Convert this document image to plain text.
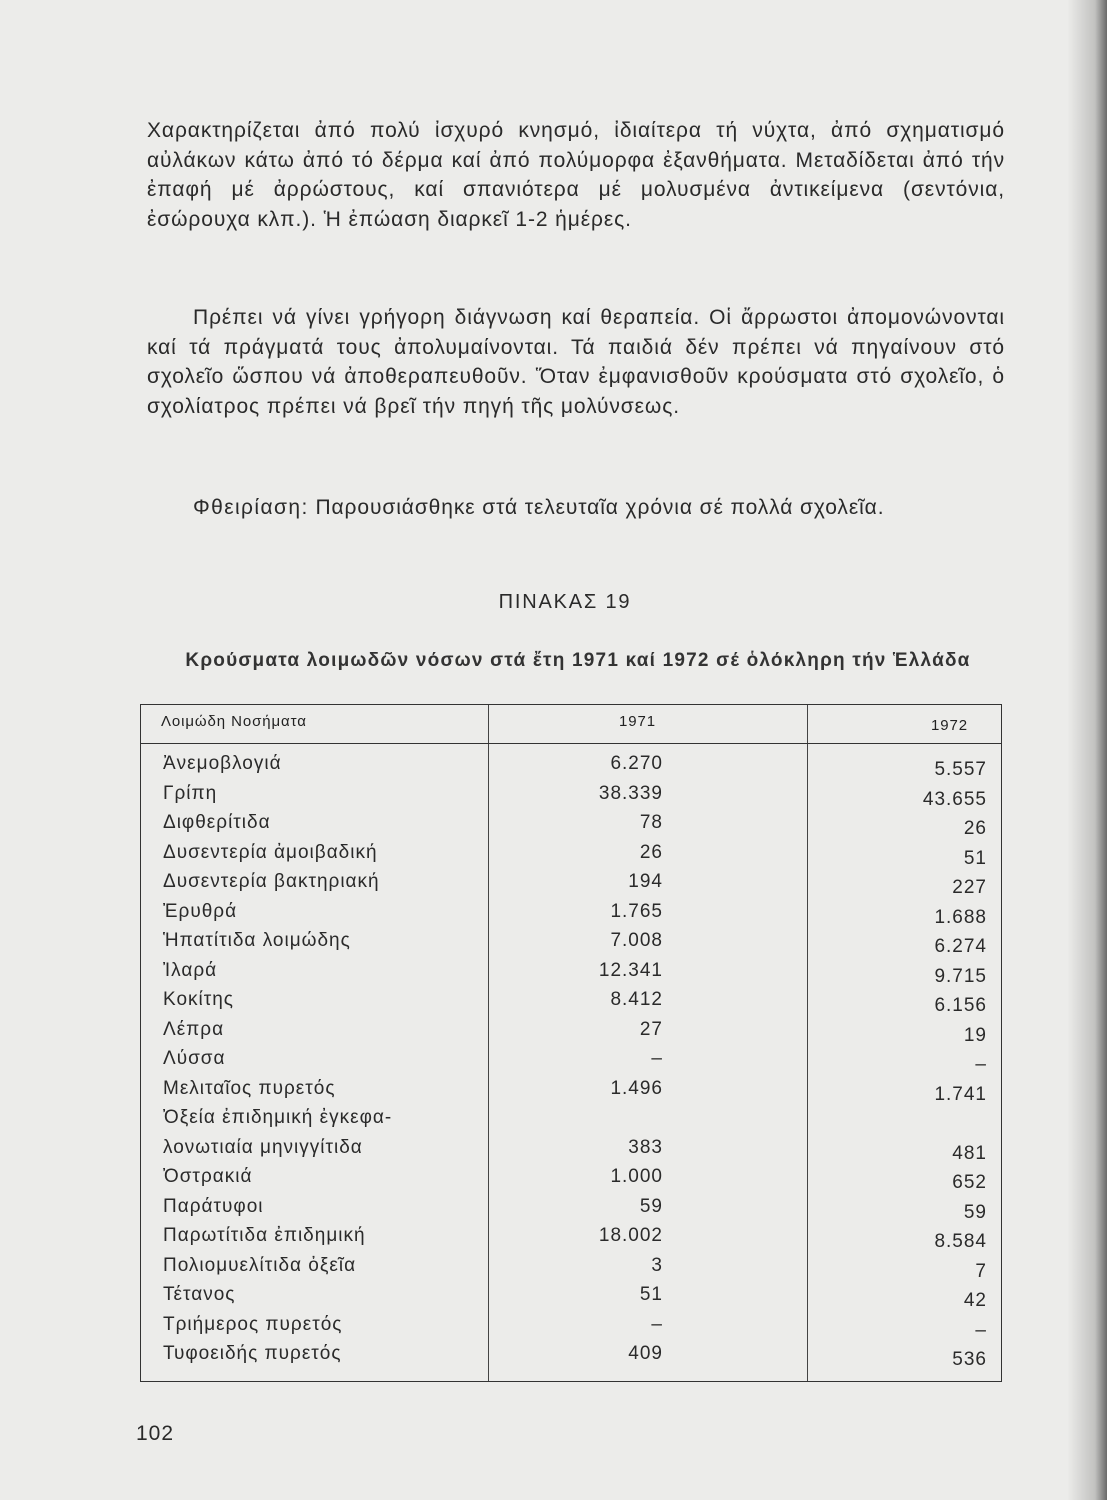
Χαρακτηρίζεται ἀπό πολύ ἰσχυρό κνησμό, ἰδιαίτερα τή νύχτα, ἀπό σχηματισμό αὐλάκων κάτω ἀπό τό δέρμα καί ἀπό πολύμορφα ἐξανθήματα. Μεταδίδεται ἀπό τήν ἐπαφή μέ ἀρρώστους, καί σπανιότερα μέ μολυσμένα ἀντικείμενα (σεντόνια, ἐσώρουχα κλπ.). Ἡ ἐπώαση διαρκεῖ 1-2 ἡμέρες.

Πρέπει νά γίνει γρήγορη διάγνωση καί θεραπεία. Οἱ ἄρρωστοι ἀπομονώνονται καί τά πράγματά τους ἀπολυμαίνονται. Τά παιδιά δέν πρέπει νά πηγαίνουν στό σχολεῖο ὥσπου νά ἀποθεραπευθοῦν. Ὅταν ἐμφανισθοῦν κρούσματα στό σχολεῖο, ὁ σχολίατρος πρέπει νά βρεῖ τήν πηγή τῆς μολύνσεως.

Φθειρίαση: Παρουσιάσθηκε στά τελευταῖα χρόνια σέ πολλά σχολεῖα.

ΠΙΝΑΚΑΣ 19
Κρούσματα λοιμωδῶν νόσων στά ἔτη 1971 καί 1972 σέ ὁλόκληρη τήν Ἑλλάδα
Λοιμώδη Νοσήματα	1971	1972
Ἀνεμοβλογιά	6.270	5.557
Γρίπη	38.339	43.655
Διφθερίτιδα	78	26
Δυσεντερία ἀμοιβαδική	26	51
Δυσεντερία βακτηριακή	194	227
Ἐρυθρά	1.765	1.688
Ἡπατίτιδα λοιμώδης	7.008	6.274
Ἰλαρά	12.341	9.715
Κοκίτης	8.412	6.156
Λέπρα	27	19
Λύσσα	–	–
Μελιταῖος πυρετός	1.496	1.741
Ὀξεία ἐπιδημική ἐγκεφα-
λονωτιαία μηνιγγίτιδα	383	481
Ὀστρακιά	1.000	652
Παράτυφοι	59	59
Παρωτίτιδα ἐπιδημική	18.002	8.584
Πολιομυελίτιδα ὀξεῖα	3	7
Τέτανος	51	42
Τριήμερος πυρετός	–	–
Τυφοειδής πυρετός	409	536
102
